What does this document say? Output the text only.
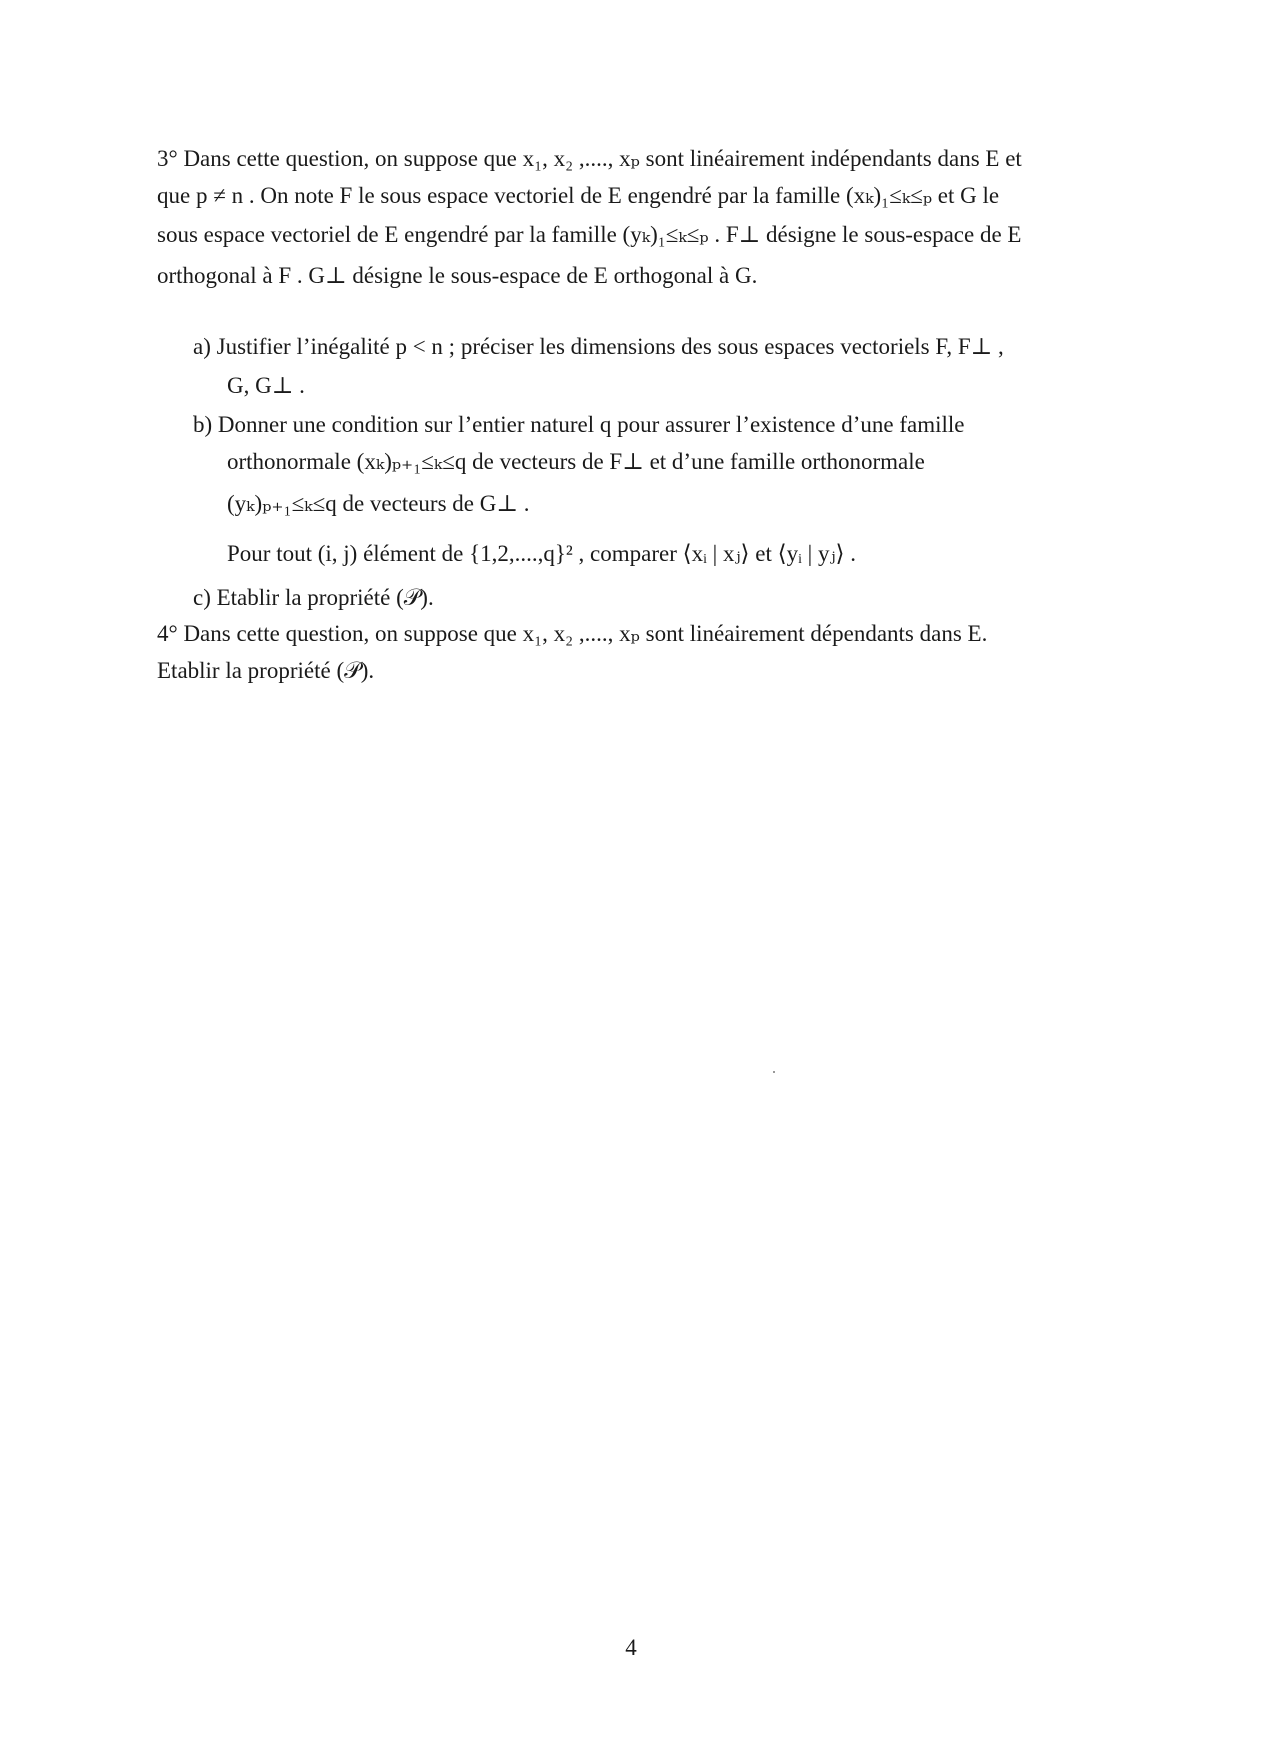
3° Dans cette question, on suppose que x₁, x₂ ,...., xₚ sont linéairement indépendants dans E et
que p ≠ n . On note F le sous espace vectoriel de E engendré par la famille (xₖ)₁≤ₖ≤ₚ et G le
sous espace vectoriel de E engendré par la famille (yₖ)₁≤ₖ≤ₚ . F⊥ désigne le sous-espace de E
orthogonal à F . G⊥ désigne le sous-espace de E orthogonal à G.
a) Justifier l’inégalité p < n ; préciser les dimensions des sous espaces vectoriels F, F⊥ ,
G, G⊥ .
b) Donner une condition sur l’entier naturel q pour assurer l’existence d’une famille
orthonormale (xₖ)ₚ₊₁≤ₖ≤q de vecteurs de F⊥ et d’une famille orthonormale
(yₖ)ₚ₊₁≤ₖ≤q de vecteurs de G⊥ .
Pour tout (i, j) élément de {1,2,....,q}² , comparer ⟨xᵢ | xⱼ⟩ et ⟨yᵢ | yⱼ⟩ .
c) Etablir la propriété (𝒫).
4° Dans cette question, on suppose que x₁, x₂ ,...., xₚ sont linéairement dépendants dans E.
Etablir la propriété (𝒫).
4
